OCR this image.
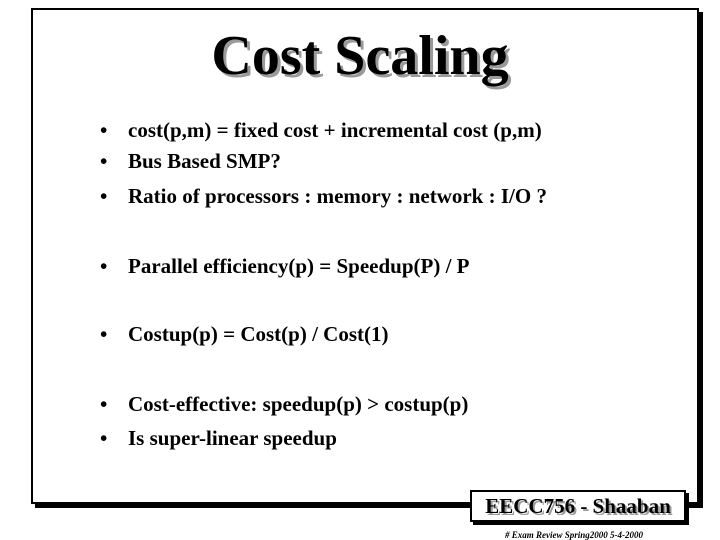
Cost Scaling
• cost(p,m) = fixed cost + incremental cost (p,m)
• Bus Based SMP?
• Ratio of processors : memory : network : I/O ?
• Parallel efficiency(p) = Speedup(P) / P
• Costup(p) = Cost(p) / Cost(1)
• Cost-effective: speedup(p) > costup(p)
• Is super-linear speedup
EECC756 - Shaaban
# Exam Review Spring2000 5-4-2000
